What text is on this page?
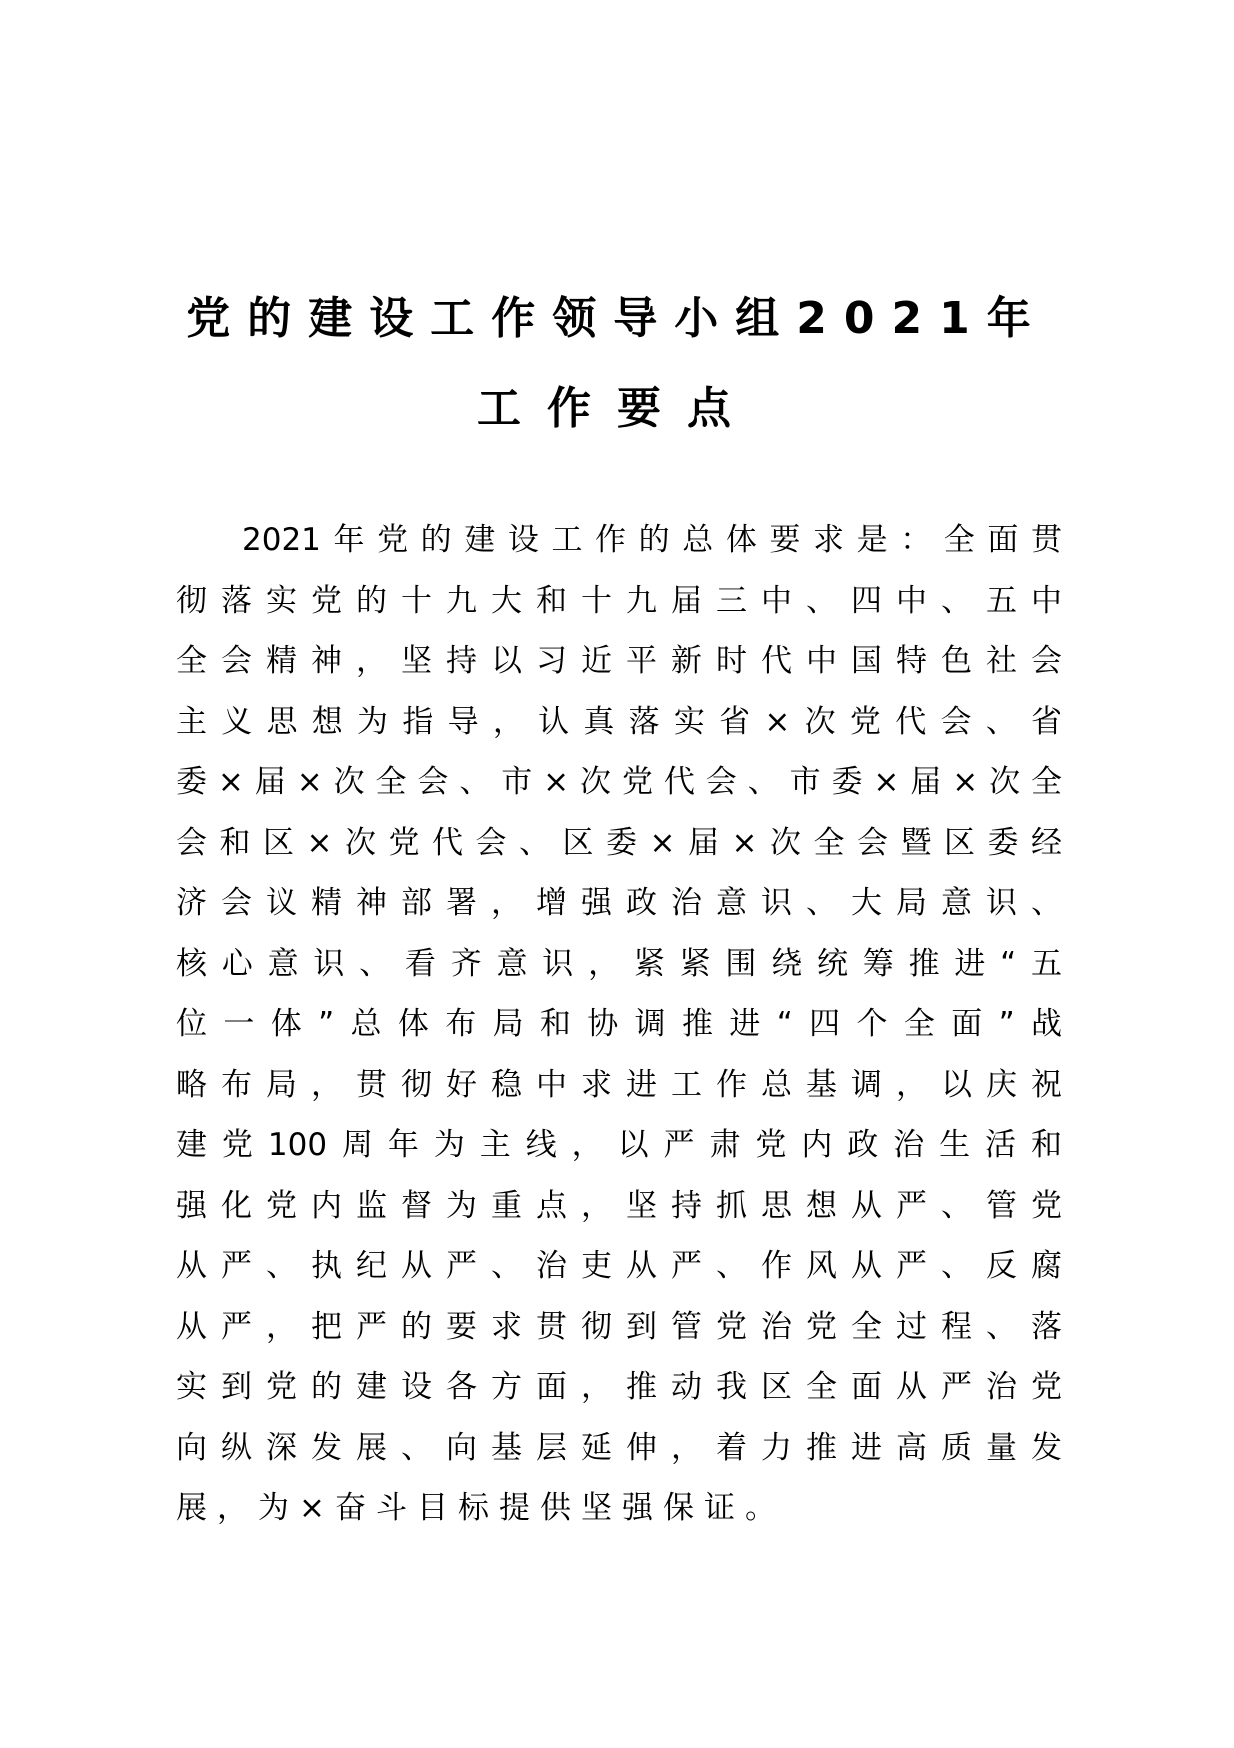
党的建设工作领导小组2021年
工作要点
2​0​2​1​年​党​的​建​设​工​作​的​总​体​要​求​是​：​全​面​贯
彻​落​实​党​的​十​九​大​和​十​九​届​三​中​、​四​中​、​五​中
全​会​精​神​，​坚​持​以​习​近​平​新​时​代​中​国​特​色​社​会
主​义​思​想​为​指​导​，​认​真​落​实​省​×​次​党​代​会​、​省
委​×​届​×​次​全​会​、​市​×​次​党​代​会​、​市​委​×​届​×​次​全
会​和​区​×​次​党​代​会​、​区​委​×​届​×​次​全​会​暨​区​委​经
济​会​议​精​神​部​署​，​增​强​政​治​意​识​、​大​局​意​识​、
核​心​意​识​、​看​齐​意​识​，​紧​紧​围​绕​统​筹​推​进​“​五
位​一​体​”​总​体​布​局​和​协​调​推​进​“​四​个​全​面​”​战
略​布​局​，​贯​彻​好​稳​中​求​进​工​作​总​基​调​，​以​庆​祝
建​党​1​0​0​周​年​为​主​线​，​以​严​肃​党​内​政​治​生​活​和
强​化​党​内​监​督​为​重​点​，​坚​持​抓​思​想​从​严​、​管​党
从​严​、​执​纪​从​严​、​治​吏​从​严​、​作​风​从​严​、​反​腐
从​严​，​把​严​的​要​求​贯​彻​到​管​党​治​党​全​过​程​、​落
实​到​党​的​建​设​各​方​面​，​推​动​我​区​全​面​从​严​治​党
向​纵​深​发​展​、​向​基​层​延​伸​，​着​力​推​进​高​质​量​发
展，为×奋斗目标提供坚强保证。
